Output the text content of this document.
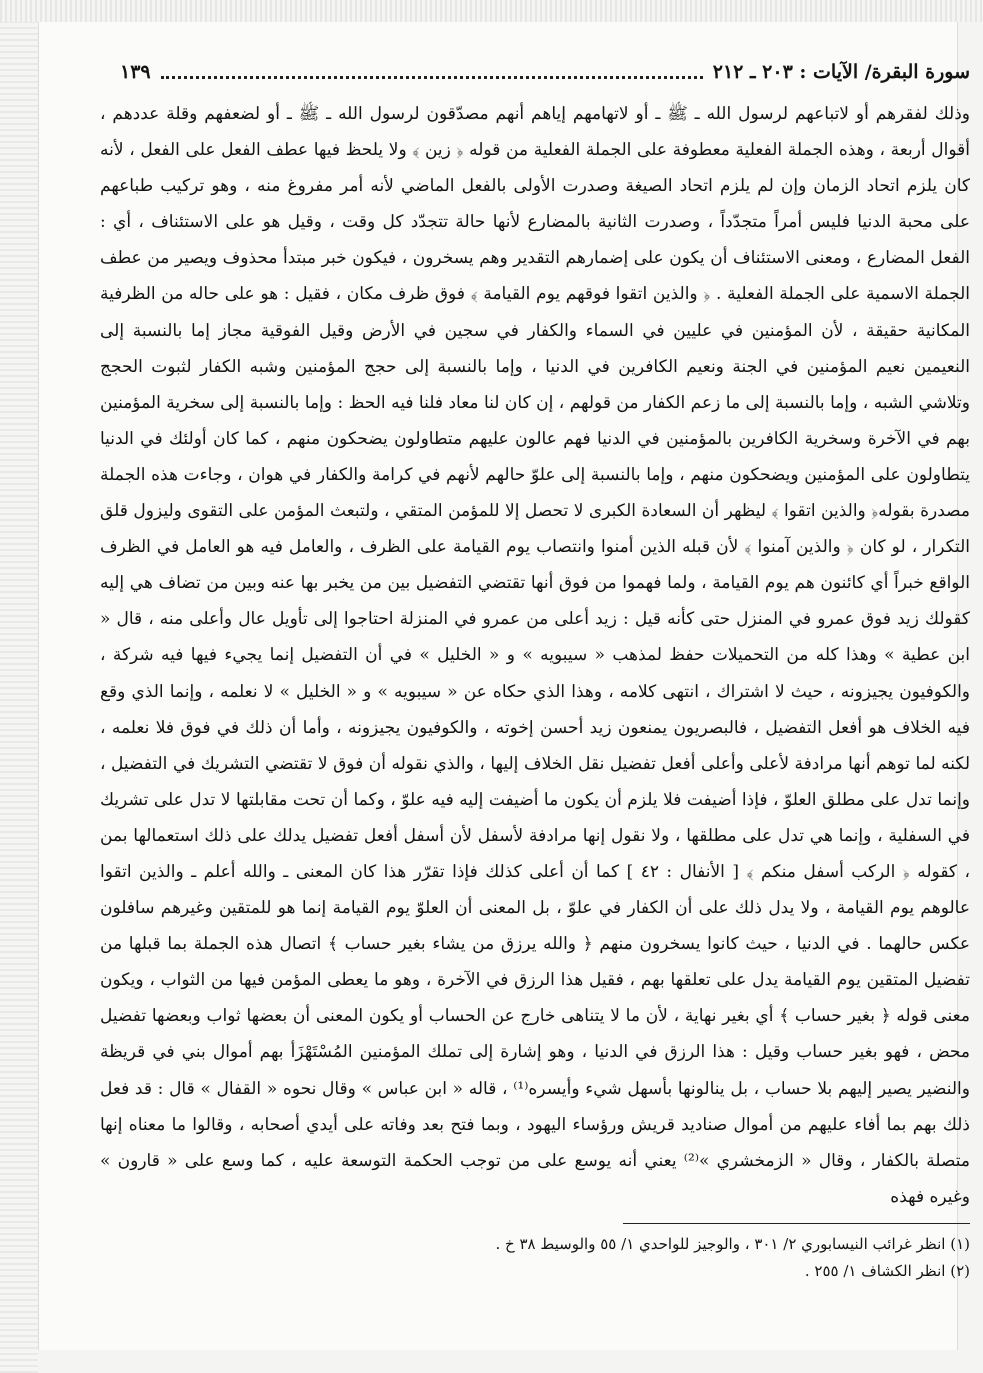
سورة البقرة/ الآيات : ٢٠٣ ـ ٢١٢
١٣٩

وذلك لفقرهم أو لاتباعهم لرسول الله ـ ﷺ ـ أو لاتهامهم إياهم أنهم مصدّقون لرسول الله ـ ﷺ ـ أو لضعفهم وقلة عددهم ، أقوال أربعة ، وهذه الجملة الفعلية معطوفة على الجملة الفعلية من قوله ﴿ زين ﴾ ولا يلحظ فيها عطف الفعل على الفعل ، لأنه كان يلزم اتحاد الزمان وإن لم يلزم اتحاد الصيغة وصدرت الأولى بالفعل الماضي لأنه أمر مفروغ منه ، وهو تركيب طباعهم على محبة الدنيا فليس أمراً متجدّداً ، وصدرت الثانية بالمضارع لأنها حالة تتجدّد كل وقت ، وقيل هو على الاستئناف ، أي : الفعل المضارع ، ومعنى الاستئناف أن يكون على إضمارهم التقدير وهم يسخرون ، فيكون خبر مبتدأ محذوف ويصير من عطف الجملة الاسمية على الجملة الفعلية . ﴿ والذين اتقوا فوقهم يوم القيامة ﴾ فوق ظرف مكان ، فقيل : هو على حاله من الظرفية المكانية حقيقة ، لأن المؤمنين في عليين في السماء والكفار في سجين في الأرض وقيل الفوقية مجاز إما بالنسبة إلى النعيمين نعيم المؤمنين في الجنة ونعيم الكافرين في الدنيا ، وإما بالنسبة إلى حجج المؤمنين وشبه الكفار لثبوت الحجج وتلاشي الشبه ، وإما بالنسبة إلى ما زعم الكفار من قولهم ، إن كان لنا معاد فلنا فيه الحظ : وإما بالنسبة إلى سخرية المؤمنين بهم في الآخرة وسخرية الكافرين بالمؤمنين في الدنيا فهم عالون عليهم متطاولون يضحكون منهم ، كما كان أولئك في الدنيا يتطاولون على المؤمنين ويضحكون منهم ، وإما بالنسبة إلى علوّ حالهم لأنهم في كرامة والكفار في هوان ، وجاءت هذه الجملة مصدرة بقوله﴿ والذين اتقوا ﴾ ليظهر أن السعادة الكبرى لا تحصل إلا للمؤمن المتقي ، ولتبعث المؤمن على التقوى وليزول قلق التكرار ، لو كان ﴿ والذين آمنوا ﴾ لأن قبله الذين أمنوا وانتصاب يوم القيامة على الظرف ، والعامل فيه هو العامل في الظرف الواقع خبراً أي كائنون هم يوم القيامة ، ولما فهموا من فوق أنها تقتضي التفضيل بين من يخبر بها عنه وبين من تضاف هي إليه كقولك زيد فوق عمرو في المنزل حتى كأنه قيل : زيد أعلى من عمرو في المنزلة احتاجوا إلى تأويل عال وأعلى منه ، قال « ابن عطية » وهذا كله من التحميلات حفظ لمذهب « سيبويه » و « الخليل » في أن التفضيل إنما يجيء فيها فيه شركة ، والكوفيون يجيزونه ، حيث لا اشتراك ، انتهى كلامه ، وهذا الذي حكاه عن « سيبويه » و « الخليل » لا نعلمه ، وإنما الذي وقع فيه الخلاف هو أفعل التفضيل ، فالبصريون يمنعون زيد أحسن إخوته ، والكوفيون يجيزونه ، وأما أن ذلك في فوق فلا نعلمه ، لكنه لما توهم أنها مرادفة لأعلى وأعلى أفعل تفضيل نقل الخلاف إليها ، والذي نقوله أن فوق لا تقتضي التشريك في التفضيل ، وإنما تدل على مطلق العلوّ ، فإذا أضيفت فلا يلزم أن يكون ما أضيفت إليه فيه علوّ ، وكما أن تحت مقابلتها لا تدل على تشريك في السفلية ، وإنما هي تدل على مطلقها ، ولا نقول إنها مرادفة لأسفل لأن أسفل أفعل تفضيل يدلك على ذلك استعمالها بمن ، كقوله ﴿ الركب أسفل منكم ﴾ [ الأنفال : ٤٢ ] كما أن أعلى كذلك فإذا تقرّر هذا كان المعنى ـ والله أعلم ـ والذين اتقوا عالوهم يوم القيامة ، ولا يدل ذلك على أن الكفار في علوّ ، بل المعنى أن العلوّ يوم القيامة إنما هو للمتقين وغيرهم سافلون عكس حالهما . في الدنيا ، حيث كانوا يسخرون منهم ﴿ والله يرزق من يشاء بغير حساب ﴾ اتصال هذه الجملة بما قبلها من تفضيل المتقين يوم القيامة يدل على تعلقها بهم ، فقيل هذا الرزق في الآخرة ، وهو ما يعطى المؤمن فيها من الثواب ، ويكون معنى قوله ﴿ بغير حساب ﴾ أي بغير نهاية ، لأن ما لا يتناهى خارج عن الحساب أو يكون المعنى أن بعضها ثواب وبعضها تفضيل محض ، فهو بغير حساب وقيل : هذا الرزق في الدنيا ، وهو إشارة إلى تملك المؤمنين المُسْتَهْزَأ بهم أموال بني في قريظة والنضير يصير إليهم بلا حساب ، بل ينالونها بأسهل شيء وأيسره⁽¹⁾ ، قاله « ابن عباس » وقال نحوه « القفال » قال : قد فعل ذلك بهم بما أفاء عليهم من أموال صناديد قريش ورؤساء اليهود ، وبما فتح بعد وفاته على أيدي أصحابه ، وقالوا ما معناه إنها متصلة بالكفار ، وقال « الزمخشري »⁽²⁾ يعني أنه يوسع على من توجب الحكمة التوسعة عليه ، كما وسع على « قارون » وغيره فهذه

(١) انظر غرائب النيسابوري ٢/ ٣٠١ ، والوجيز للواحدي ١/ ٥٥ والوسيط ٣٨ خ .
(٢) انظر الكشاف ١/ ٢٥٥ .
